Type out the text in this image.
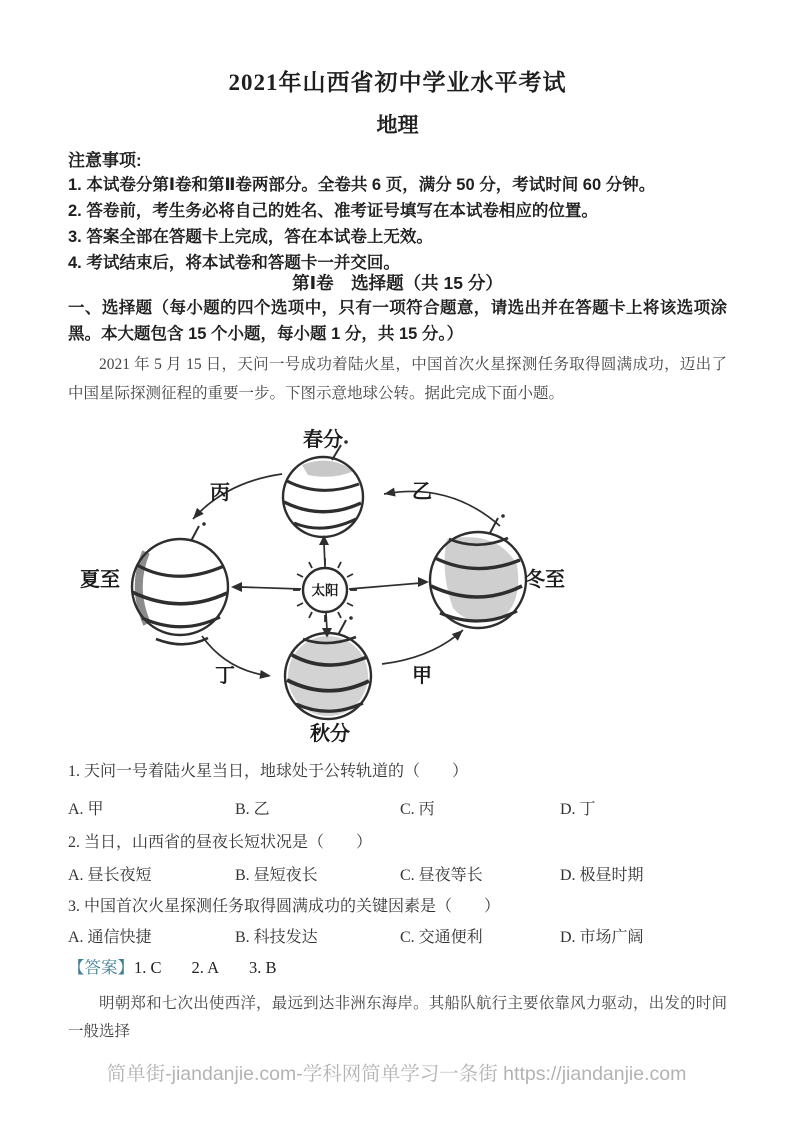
2021年山西省初中学业水平考试
地理
注意事项:
1. 本试卷分第Ⅰ卷和第Ⅱ卷两部分。全卷共 6 页，满分 50 分，考试时间 60 分钟。
2. 答卷前，考生务必将自己的姓名、准考证号填写在本试卷相应的位置。
3. 答案全部在答题卡上完成，答在本试卷上无效。
4. 考试结束后，将本试卷和答题卡一并交回。
第Ⅰ卷　选择题（共 15 分）
一、选择题（每小题的四个选项中，只有一项符合题意，请选出并在答题卡上将该选项涂黑。本大题包含 15 个小题，每小题 1 分，共 15 分。）
2021 年 5 月 15 日，天问一号成功着陆火星，中国首次火星探测任务取得圆满成功，迈出了中国星际探测征程的重要一步。下图示意地球公转。据此完成下面小题。
太阳
春分
夏至	冬至
秋分
丙	乙
丁	甲
1. 天问一号着陆火星当日，地球处于公转轨道的（　　）
A. 甲	B. 乙	C. 丙	D. 丁
2. 当日，山西省的昼夜长短状况是（　　）
A. 昼长夜短	B. 昼短夜长	C. 昼夜等长	D. 极昼时期
3. 中国首次火星探测任务取得圆满成功的关键因素是（　　）
A. 通信快捷	B. 科技发达	C. 交通便利	D. 市场广阔
【答案】 1. C 2. A 3. B
明朝郑和七次出使西洋，最远到达非洲东海岸。其船队航行主要依靠风力驱动，出发的时间一般选择
简单街-jiandanjie.com-学科网简单学习一条街 https://jiandanjie.com
